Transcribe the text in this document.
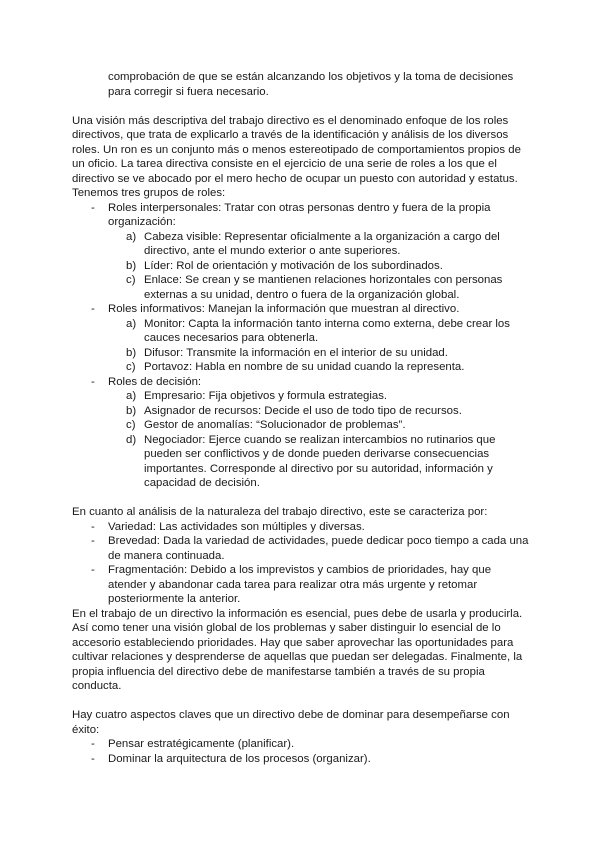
comprobación de que se están alcanzando los objetivos y la toma de decisiones para corregir si fuera necesario.

Una visión más descriptiva del trabajo directivo es el denominado enfoque de los roles directivos, que trata de explicarlo a través de la identificación y análisis de los diversos roles. Un ron es un conjunto más o menos estereotipado de comportamientos propios de un oficio. La tarea directiva consiste en el ejercicio de una serie de roles a los que el directivo se ve abocado por el mero hecho de ocupar un puesto con autoridad y estatus. Tenemos tres grupos de roles:

- Roles interpersonales: Tratar con otras personas dentro y fuera de la propia organización:
a) Cabeza visible: Representar oficialmente a la organización a cargo del directivo, ante el mundo exterior o ante superiores.
b) Líder: Rol de orientación y motivación de los subordinados.
c) Enlace: Se crean y se mantienen relaciones horizontales con personas externas a su unidad, dentro o fuera de la organización global.
- Roles informativos: Manejan la información que muestran al directivo.
a) Monitor: Capta la información tanto interna como externa, debe crear los cauces necesarios para obtenerla.
b) Difusor: Transmite la información en el interior de su unidad.
c) Portavoz: Habla en nombre de su unidad cuando la representa.
- Roles de decisión:
a) Empresario: Fija objetivos y formula estrategias.
b) Asignador de recursos: Decide el uso de todo tipo de recursos.
c) Gestor de anomalías: “Solucionador de problemas”.
d) Negociador: Ejerce cuando se realizan intercambios no rutinarios que pueden ser conflictivos y de donde pueden derivarse consecuencias importantes. Corresponde al directivo por su autoridad, información y capacidad de decisión.

En cuanto al análisis de la naturaleza del trabajo directivo, este se caracteriza por:

- Variedad: Las actividades son múltiples y diversas.
- Brevedad: Dada la variedad de actividades, puede dedicar poco tiempo a cada una de manera continuada.
- Fragmentación: Debido a los imprevistos y cambios de prioridades, hay que atender y abandonar cada tarea para realizar otra más urgente y retomar posteriormente la anterior.

En el trabajo de un directivo la información es esencial, pues debe de usarla y producirla. Así como tener una visión global de los problemas y saber distinguir lo esencial de lo accesorio estableciendo prioridades. Hay que saber aprovechar las oportunidades para cultivar relaciones y desprenderse de aquellas que puedan ser delegadas. Finalmente, la propia influencia del directivo debe de manifestarse también a través de su propia conducta.

Hay cuatro aspectos claves que un directivo debe de dominar para desempeñarse con éxito:

- Pensar estratégicamente (planificar).
- Dominar la arquitectura de los procesos (organizar).
